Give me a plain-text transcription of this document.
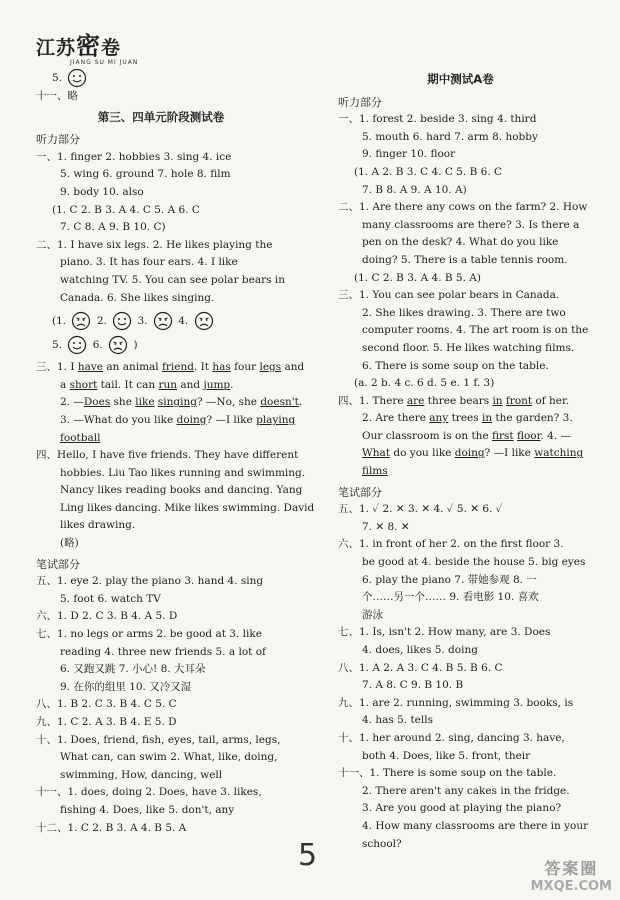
江苏密卷
JIANG SU MI JUAN
5.
十一、略
第三、四单元阶段测试卷
听力部分
一、1. finger 2. hobbies 3. sing 4. ice
5. wing 6. ground 7. hole 8. film
9. body 10. also
(1. C 2. B 3. A 4. C 5. A 6. C
7. C 8. A 9. B 10. C)
二、1. I have six legs. 2. He likes playing the
piano. 3. It has four ears. 4. I like
watching TV. 5. You can see polar bears in
Canada. 6. She likes singing.
(1.	2.	3.	4.
5.	6.	)
三、1. I have an animal friend. It has four legs and
a short tail. It can run and jump.
2. —Does she like singing? —No, she doesn't.
3. —What do you like doing? —I like playing
football
四、Hello, I have five friends. They have different
hobbies. Liu Tao likes running and swimming.
Nancy likes reading books and dancing. Yang
Ling likes dancing. Mike likes swimming. David
likes drawing.
(略)
笔试部分
五、1. eye 2. play the piano 3. hand 4. sing
5. foot 6. watch TV
六、1. D 2. C 3. B 4. A 5. D
七、1. no legs or arms 2. be good at 3. like
reading 4. three new friends 5. a lot of
6. 又跑又跳 7. 小心! 8. 大耳朵
9. 在你的组里 10. 又冷又湿
八、1. B 2. C 3. B 4. C 5. C
九、1. C 2. A 3. B 4. E 5. D
十、1. Does, friend, fish, eyes, tail, arms, legs,
What can, can swim 2. What, like, doing,
swimming, How, dancing, well
十一、1. does, doing 2. Does, have 3. likes,
fishing 4. Does, like 5. don't, any
十二、1. C 2. B 3. A 4. B 5. A
期中测试A卷
听力部分
一、1. forest 2. beside 3. sing 4. third
5. mouth 6. hard 7. arm 8. hobby
9. finger 10. floor
(1. A 2. B 3. C 4. C 5. B 6. C
7. B 8. A 9. A 10. A)
二、1. Are there any cows on the farm? 2. How
many classrooms are there? 3. Is there a
pen on the desk? 4. What do you like
doing? 5. There is a table tennis room.
(1. C 2. B 3. A 4. B 5. A)
三、1. You can see polar bears in Canada.
2. She likes drawing. 3. There are two
computer rooms. 4. The art room is on the
second floor. 5. He likes watching films.
6. There is some soup on the table.
(a. 2 b. 4 c. 6 d. 5 e. 1 f. 3)
四、1. There are three bears in front of her.
2. Are there any trees in the garden? 3.
Our classroom is on the first floor. 4. —
What do you like doing? —I like watching
films
笔试部分
五、1. ✓ 2. ✕ 3. ✕ 4. ✓ 5. ✕ 6. ✓
7. ✕ 8. ✕
六、1. in front of her 2. on the first floor 3.
be good at 4. beside the house 5. big eyes
6. play the piano 7. 带她参观 8. 一
个……另一个…… 9. 看电影 10. 喜欢
游泳
七、1. Is, isn't 2. How many, are 3. Does
4. does, likes 5. doing
八、1. A 2. A 3. C 4. B 5. B 6. C
7. A 8. C 9. B 10. B
九、1. are 2. running, swimming 3. books, is
4. has 5. tells
十、1. her around 2. sing, dancing 3. have,
both 4. Does, like 5. front, their
十一、1. There is some soup on the table.
2. There aren't any cakes in the fridge.
3. Are you good at playing the piano?
4. How many classrooms are there in your
school?
5	答案圈
MXQE.COM
